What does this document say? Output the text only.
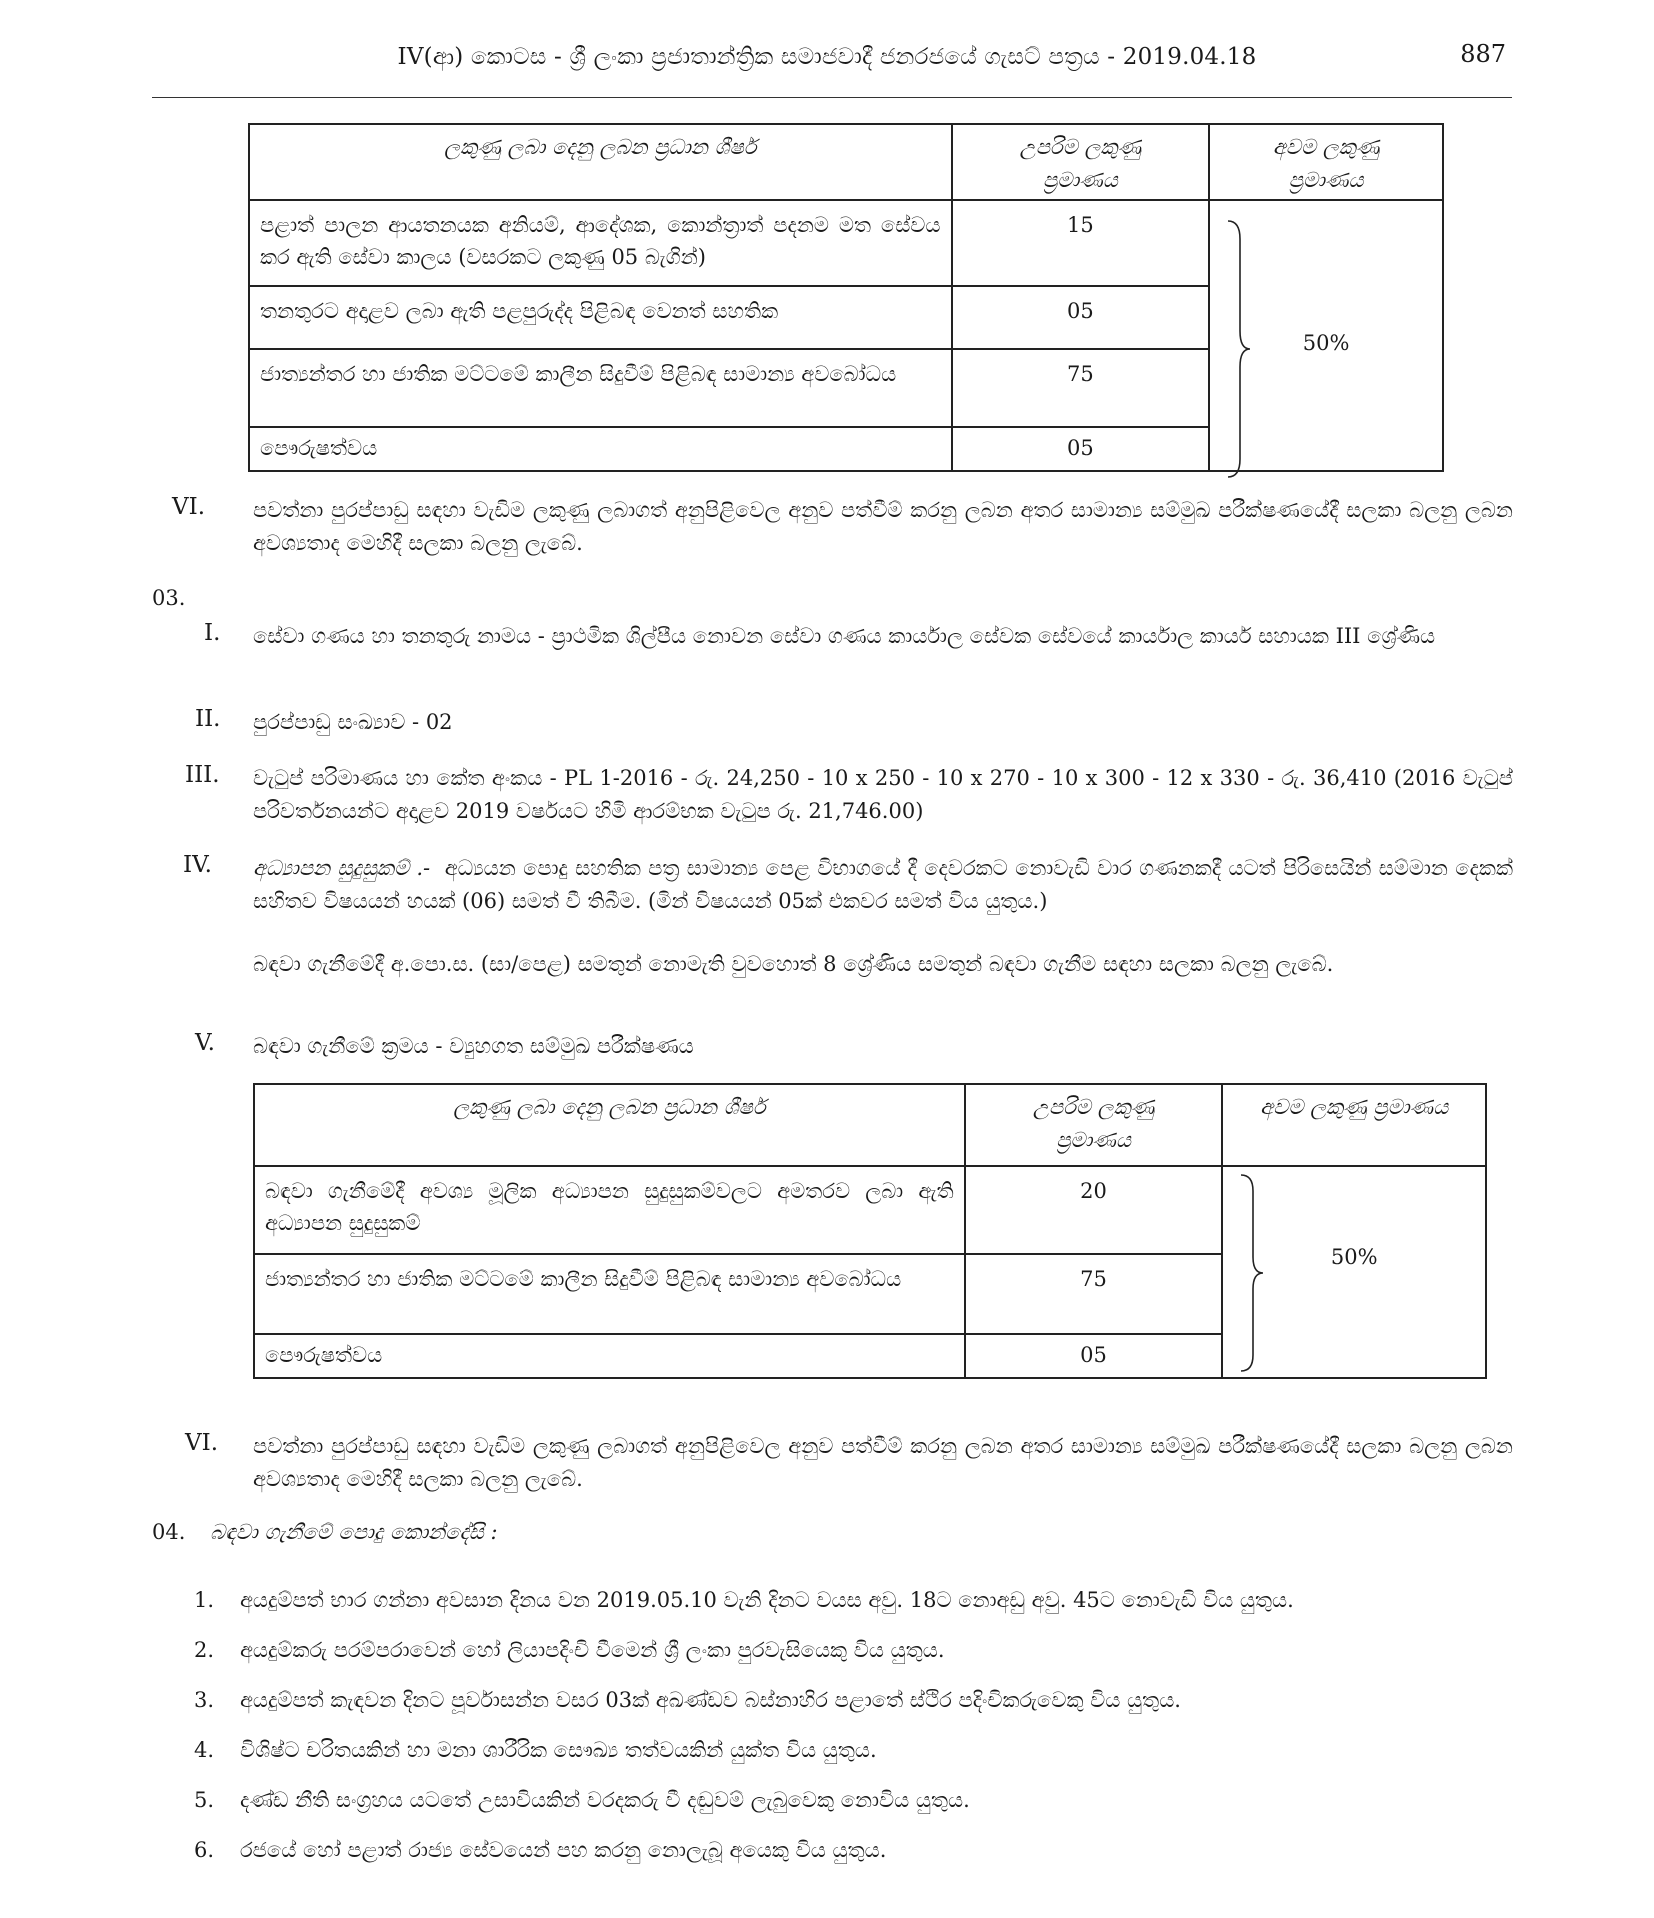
IV(ආ) කොටස - ශ්‍රී ලංකා ප්‍රජාතාන්ත්‍රික සමාජවාදී ජනරජයේ ගැසට් පත්‍රය - 2019.04.18	887
ලකුණු ලබා දෙනු ලබන ප්‍රධාන ශීර්ෂ	උපරිම ලකුණු ප්‍රමාණය	අවම ලකුණු ප්‍රමාණය

පළාත් පාලන ආයතනයක අනියම්, ආදේශක, කොන්ත්‍රාත් පදනම මත සේවය කර ඇති සේවා කාලය (වසරකට ලකුණු 05 බැගින්)	15	50%

තනතුරට අදාළව ලබා ඇති පළපුරුද්ද පිළිබඳ වෙනත් සහතික	05	

ජාත්‍යන්තර හා ජාතික මට්ටමේ කාලීන සිදුවීම් පිළිබඳ සාමාන්‍ය අවබෝධය	75	

පෞරුෂත්වය	05	
VI. පවත්නා පුරප්පාඩු සඳහා වැඩිම ලකුණු ලබාගත් අනුපිළිවෙල අනුව පත්වීම් කරනු ලබන අතර සාමාන්‍ය සම්මුඛ පරීක්ෂණයේදී සලකා බලනු ලබන අවශ්‍යතාද මෙහිදී සලකා බලනු ලැබේ.
03.
I. සේවා ගණය හා තනතුරු නාමය - ප්‍රාථමික ශිල්පීය නොවන සේවා ගණය කාර්යාල සේවක සේවයේ කාර්යාල කාර්ය සහායක III ශ්‍රේණිය
II. පුරප්පාඩු සංඛ්‍යාව - 02
III. වැටුප් පරිමාණය හා කේත අංකය - PL 1-2016 - රු. 24,250 - 10 x 250 - 10 x 270 - 10 x 300 - 12 x 330 - රු. 36,410 (2016 වැටුප් පරිවර්තනයන්ට අදාළව 2019 වර්ෂයට හිමි ආරම්භක වැටුප රු. 21,746.00)
IV. අධ්‍යාපන සුදුසුකම් .- අධ්‍යයන පොදු සහතික පත්‍ර සාමාන්‍ය පෙළ විභාගයේ දී දෙවරකට නොවැඩි වාර ගණනකදී යටත් පිරිසෙයින් සම්මාන දෙකක් සහිතව විෂයයන් හයක් (06) සමත් වී තිබීම. (මින් විෂයයන් 05ක් එකවර සමත් විය යුතුය.)
බඳවා ගැනීමේදී අ.පො.ස. (සා/පෙළ) සමතුන් නොමැති වුවහොත් 8 ශ්‍රේණිය සමතුන් බඳවා ගැනීම සඳහා සලකා බලනු ලැබේ.
V. බඳවා ගැනීමේ ක්‍රමය - ව්‍යුහගත සම්මුඛ පරීක්ෂණය
ලකුණු ලබා දෙනු ලබන ප්‍රධාන ශීර්ෂ	උපරිම ලකුණු ප්‍රමාණය	අවම ලකුණු ප්‍රමාණය

බඳවා ගැනීමේදී අවශ්‍ය මූලික අධ්‍යාපන සුදුසුකම්වලට අමතරව ලබා ඇති අධ්‍යාපන සුදුසුකම්	20	50%

ජාත්‍යන්තර හා ජාතික මට්ටමේ කාලීන සිදුවීම් පිළිබඳ සාමාන්‍ය අවබෝධය	75	

පෞරුෂත්වය	05	
VI. පවත්නා පුරප්පාඩු සඳහා වැඩිම ලකුණු ලබාගත් අනුපිළිවෙල අනුව පත්වීම් කරනු ලබන අතර සාමාන්‍ය සම්මුඛ පරීක්ෂණයේදී සලකා බලනු ලබන අවශ්‍යතාද මෙහිදී සලකා බලනු ලැබේ.
04. බඳවා ගැනීමේ පොදු කොන්දේසි :
1. අයදුම්පත් භාර ගන්නා අවසාන දිනය වන 2019.05.10 වැනි දිනට වයස අවු. 18ට නොඅඩු අවු. 45ට නොවැඩි විය යුතුය.
2. අයදුම්කරු පරම්පරාවෙන් හෝ ලියාපදිංචි වීමෙන් ශ්‍රී ලංකා පුරවැසියෙකු විය යුතුය.
3. අයදුම්පත් කැඳවන දිනට පූර්වාසන්න වසර 03ක් අඛණ්ඩව බස්නාහිර පළාතේ ස්ථිර පදිංචිකරුවෙකු විය යුතුය.
4. විශිෂ්ට චරිතයකින් හා මනා ශාරීරික සෞඛ්‍ය තත්වයකින් යුක්ත විය යුතුය.
5. දණ්ඩ නීති සංග්‍රහය යටතේ උසාවියකින් වරදකරු වී දඬුවම් ලැබුවෙකු නොවිය යුතුය.
6. රජයේ හෝ පළාත් රාජ්‍ය සේවයෙන් පහ කරනු නොලැබූ අයෙකු විය යුතුය.
